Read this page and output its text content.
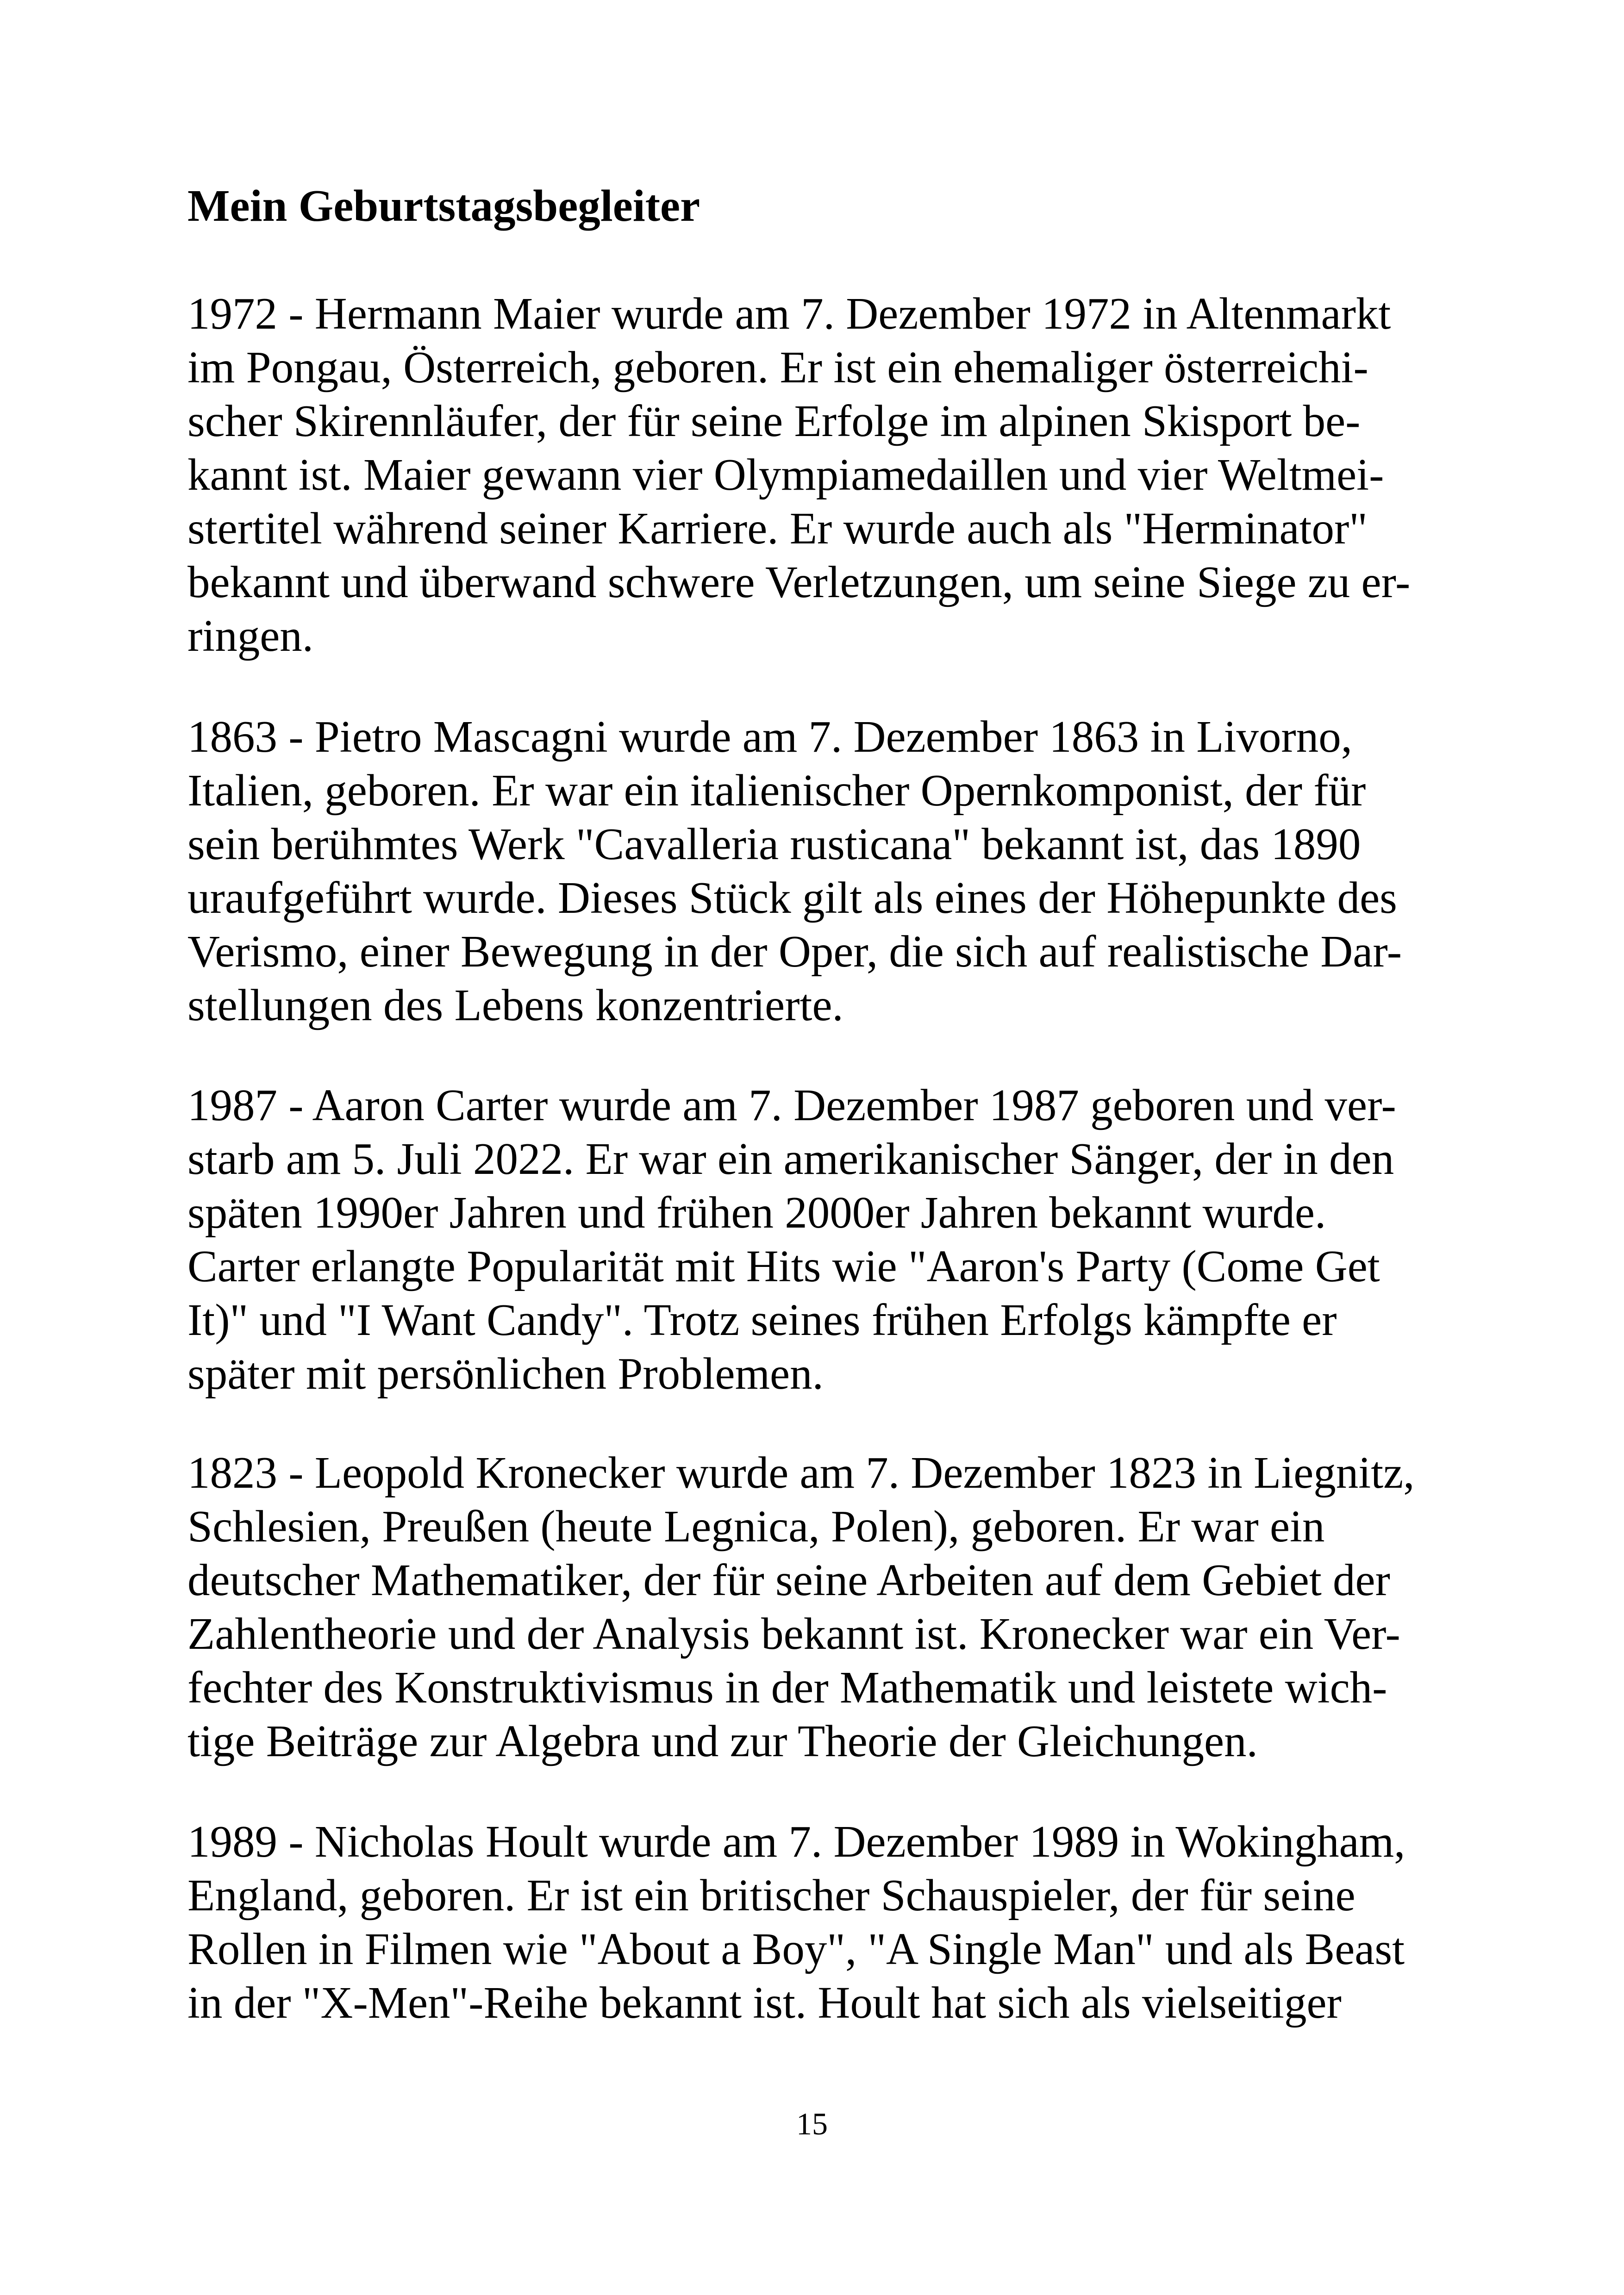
Mein Geburtstagsbegleiter

1972 - Hermann Maier wurde am 7. Dezember 1972 in Altenmarkt
im Pongau, Österreich, geboren. Er ist ein ehemaliger österreichi-
scher Skirennläufer, der für seine Erfolge im alpinen Skisport be-
kannt ist. Maier gewann vier Olympiamedaillen und vier Weltmei-
stertitel während seiner Karriere. Er wurde auch als "Herminator"
bekannt und überwand schwere Verletzungen, um seine Siege zu er-
ringen.

1863 - Pietro Mascagni wurde am 7. Dezember 1863 in Livorno,
Italien, geboren. Er war ein italienischer Opernkomponist, der für
sein berühmtes Werk "Cavalleria rusticana" bekannt ist, das 1890
uraufgeführt wurde. Dieses Stück gilt als eines der Höhepunkte des
Verismo, einer Bewegung in der Oper, die sich auf realistische Dar-
stellungen des Lebens konzentrierte.

1987 - Aaron Carter wurde am 7. Dezember 1987 geboren und ver-
starb am 5. Juli 2022. Er war ein amerikanischer Sänger, der in den
späten 1990er Jahren und frühen 2000er Jahren bekannt wurde.
Carter erlangte Popularität mit Hits wie "Aaron's Party (Come Get
It)" und "I Want Candy". Trotz seines frühen Erfolgs kämpfte er
später mit persönlichen Problemen.

1823 - Leopold Kronecker wurde am 7. Dezember 1823 in Liegnitz,
Schlesien, Preußen (heute Legnica, Polen), geboren. Er war ein
deutscher Mathematiker, der für seine Arbeiten auf dem Gebiet der
Zahlentheorie und der Analysis bekannt ist. Kronecker war ein Ver-
fechter des Konstruktivismus in der Mathematik und leistete wich-
tige Beiträge zur Algebra und zur Theorie der Gleichungen.

1989 - Nicholas Hoult wurde am 7. Dezember 1989 in Wokingham,
England, geboren. Er ist ein britischer Schauspieler, der für seine
Rollen in Filmen wie "About a Boy", "A Single Man" und als Beast
in der "X-Men"-Reihe bekannt ist. Hoult hat sich als vielseitiger

15
